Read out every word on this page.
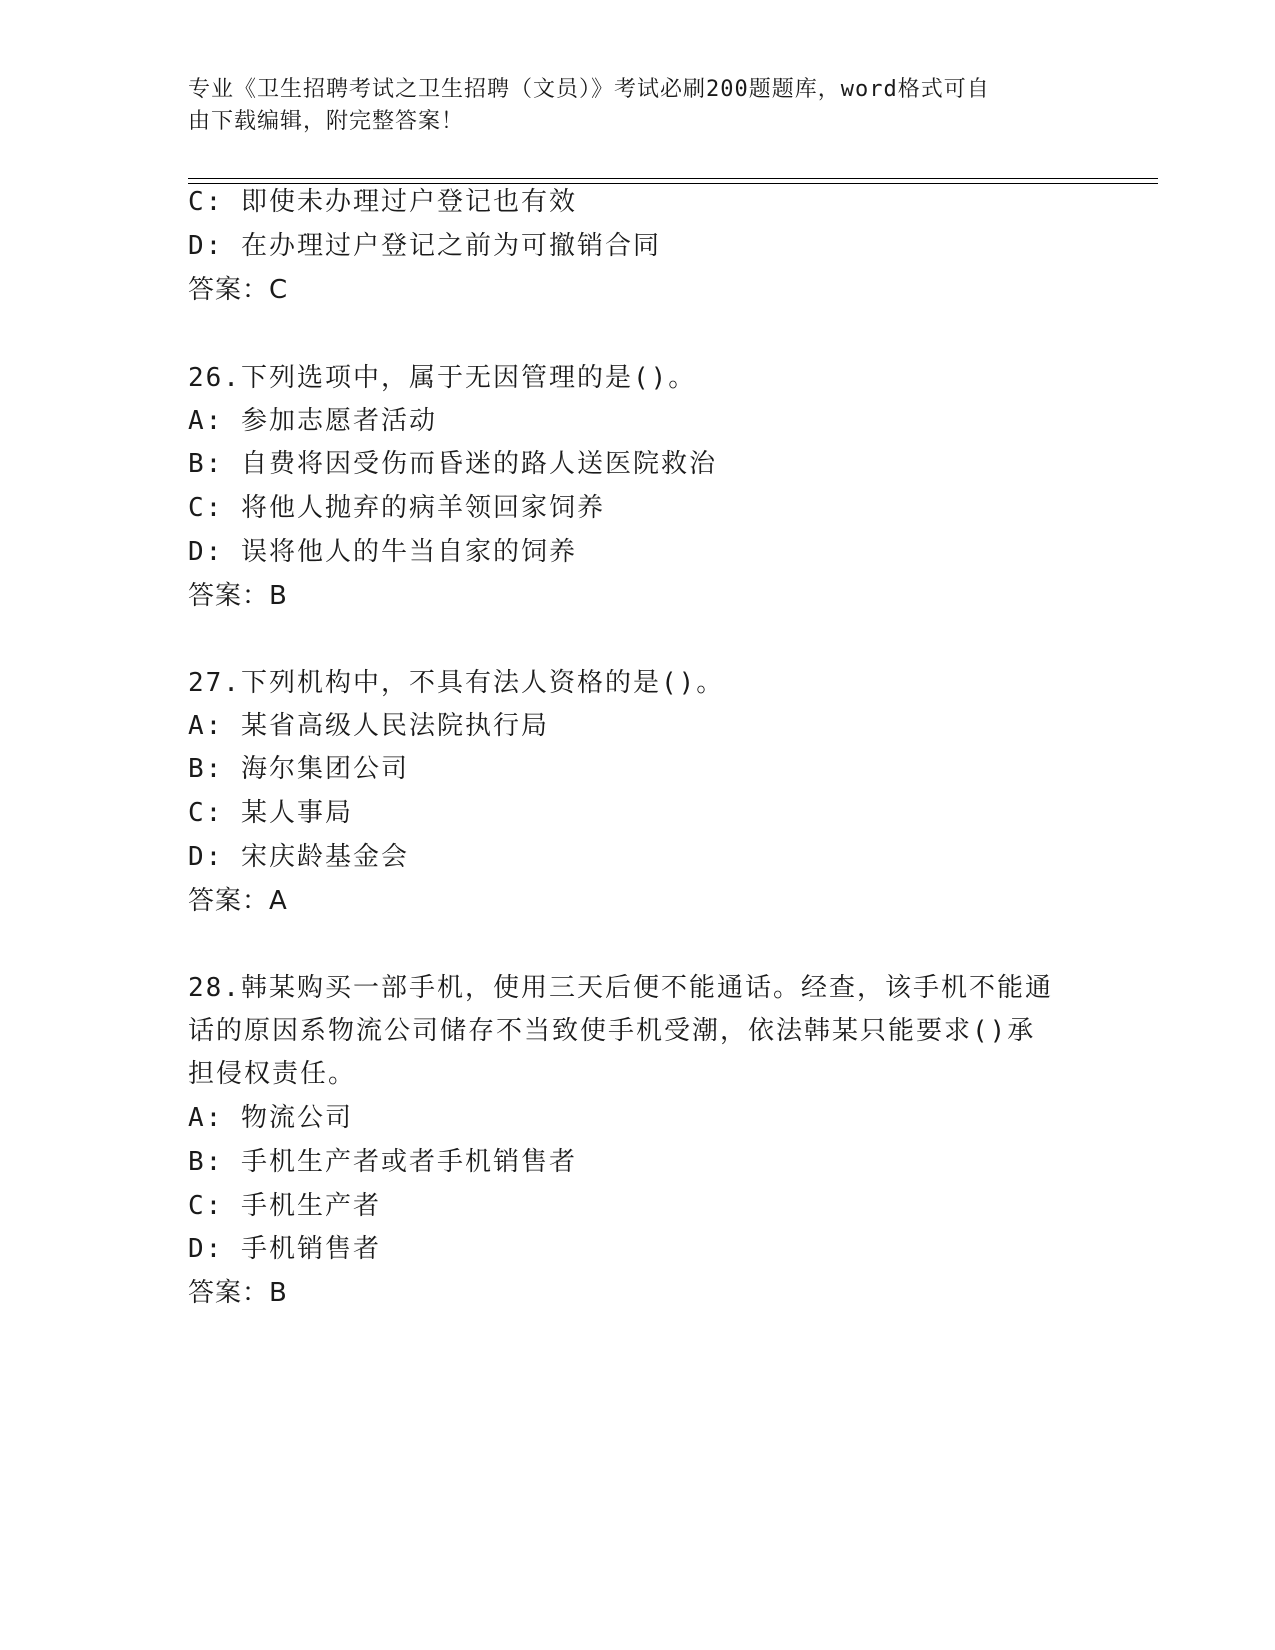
专业《卫生招聘考试之卫生招聘（文员）》考试必刷200题题库，word格式可自
由下载编辑，附完整答案！
C: 即使未办理过户登记也有效
D: 在办理过户登记之前为可撤销合同
答案：C
26.下列选项中，属于无因管理的是()。
A: 参加志愿者活动
B: 自费将因受伤而昏迷的路人送医院救治
C: 将他人抛弃的病羊领回家饲养
D: 误将他人的牛当自家的饲养
答案：B
27.下列机构中，不具有法人资格的是()。
A: 某省高级人民法院执行局
B: 海尔集团公司
C: 某人事局
D: 宋庆龄基金会
答案：A
28.韩某购买一部手机，使用三天后便不能通话。经查，该手机不能通
话的原因系物流公司储存不当致使手机受潮，依法韩某只能要求()承
担侵权责任。
A: 物流公司
B: 手机生产者或者手机销售者
C: 手机生产者
D: 手机销售者
答案：B
